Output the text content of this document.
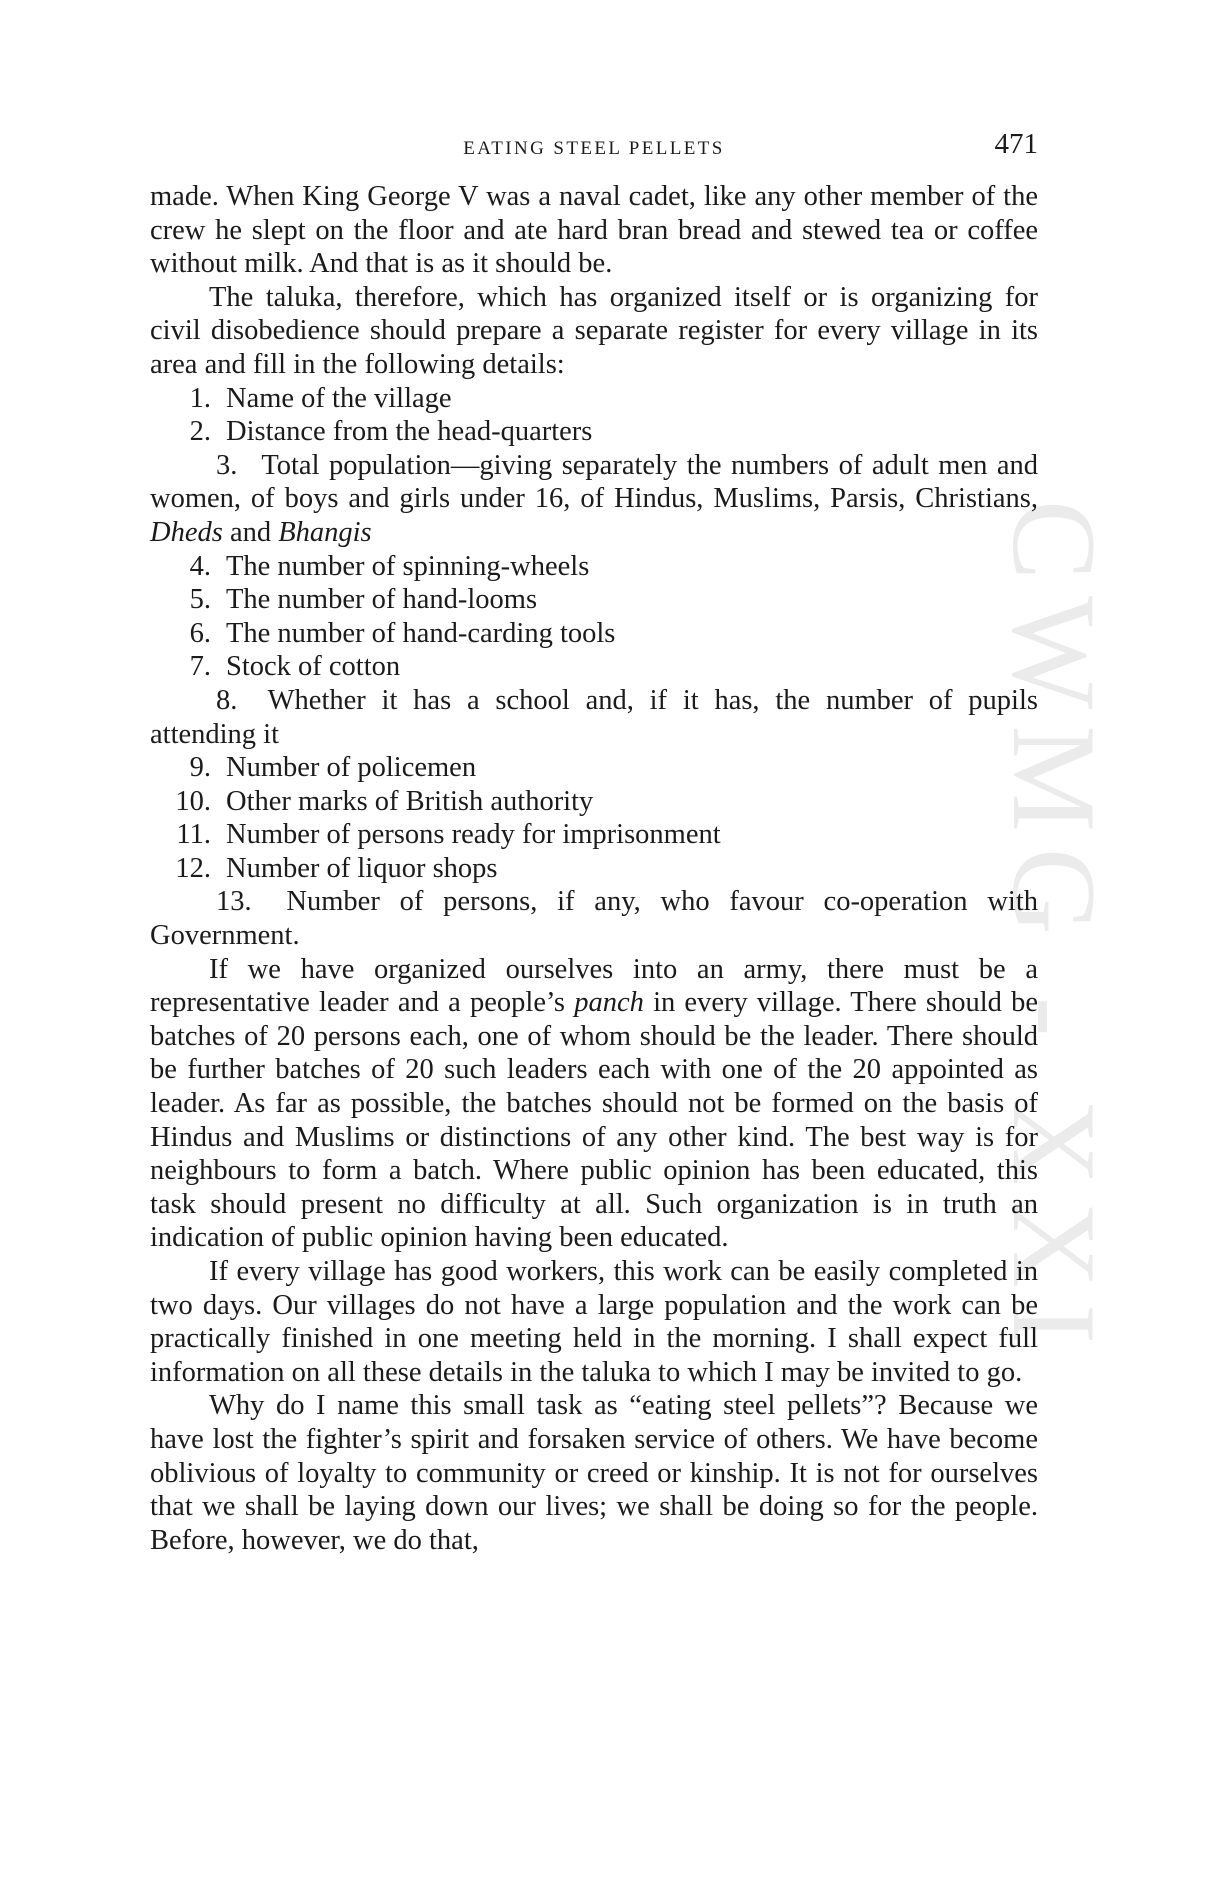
EATING STEEL PELLETS	471
CWMG - XXI

made. When King George V was a naval cadet, like any other member of the crew he slept on the floor and ate hard bran bread and stewed tea or coffee without milk. And that is as it should be.

The taluka, therefore, which has organized itself or is organizing for civil disobedience should prepare a separate register for every village in its area and fill in the following details:

1. Name of the village

2. Distance from the head-quarters

3. Total population—giving separately the numbers of adult men and women, of boys and girls under 16, of Hindus, Muslims, Parsis, Christians, Dheds and Bhangis

4. The number of spinning-wheels

5. The number of hand-looms

6. The number of hand-carding tools

7. Stock of cotton

8. Whether it has a school and, if it has, the number of pupils attending it

9. Number of policemen

10. Other marks of British authority

11. Number of persons ready for imprisonment

12. Number of liquor shops

13. Number of persons, if any, who favour co-operation with Government.

If we have organized ourselves into an army, there must be a representative leader and a people’s panch in every village. There should be batches of 20 persons each, one of whom should be the leader. There should be further batches of 20 such leaders each with one of the 20 appointed as leader. As far as possible, the batches should not be formed on the basis of Hindus and Muslims or distinctions of any other kind. The best way is for neighbours to form a batch. Where public opinion has been educated, this task should present no difficulty at all. Such organization is in truth an indication of public opinion having been educated.

If every village has good workers, this work can be easily completed in two days. Our villages do not have a large population and the work can be practically finished in one meeting held in the morning. I shall expect full information on all these details in the taluka to which I may be invited to go.

Why do I name this small task as “eating steel pellets”? Because we have lost the fighter’s spirit and forsaken service of others. We have become oblivious of loyalty to community or creed or kinship. It is not for ourselves that we shall be laying down our lives; we shall be doing so for the people. Before, however, we do that,
